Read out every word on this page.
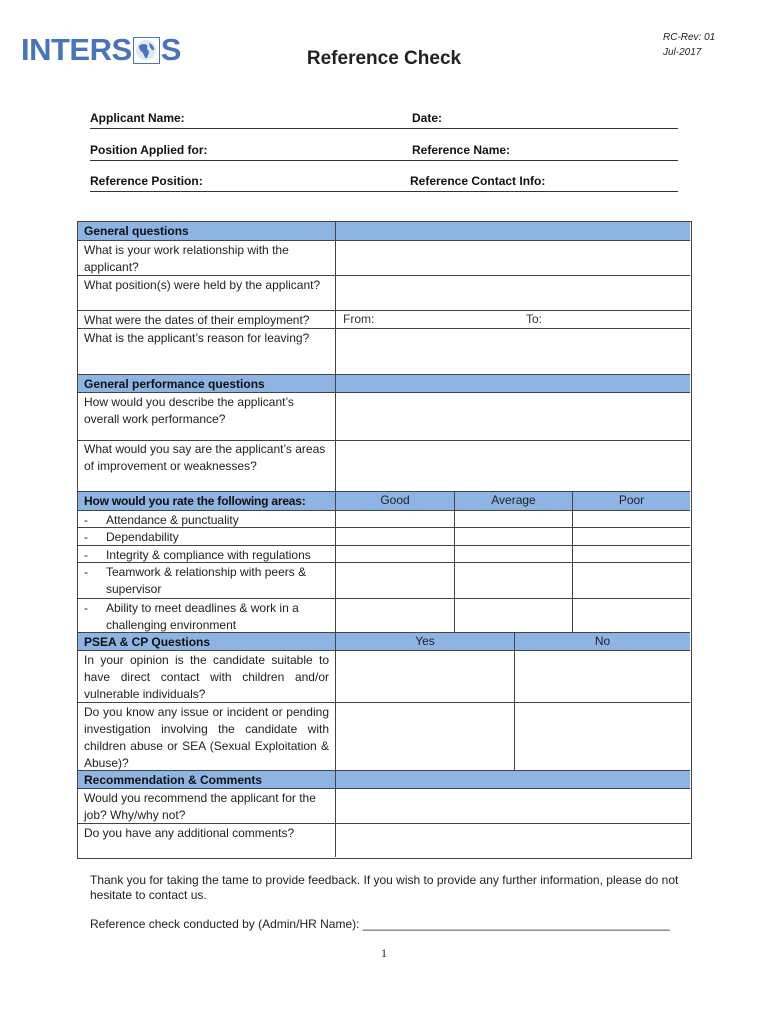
INTERS S	Reference Check
RC-Rev: 01
Jul-2017
Applicant Name:	Date:
Position Applied for:	Reference Name:
Reference Position:	Reference Contact Info:
General questions
What is your work relationship with the applicant?
What position(s) were held by the applicant?
What were the dates of their employment?	From:	To:
What is the applicant’s reason for leaving?
General performance questions
How would you describe the applicant’s overall work performance?
What would you say are the applicant’s areas of improvement or weaknesses?
How would you rate the following areas:	Good	Average	Poor
-	Attendance & punctuality
-	Dependability
-	Integrity & compliance with regulations
-	Teamwork & relationship with peers & supervisor
-	Ability to meet deadlines & work in a challenging environment
PSEA & CP Questions	Yes	No
In your opinion is the candidate suitable to have direct contact with children and/or vulnerable individuals?
Do you know any issue or incident or pending investigation involving the candidate with children abuse or SEA (Sexual Exploitation & Abuse)?
Recommendation & Comments
Would you recommend the applicant for the job? Why/why not?
Do you have any additional comments?
Thank you for taking the tame to provide feedback. If you wish to provide any further information, please do not hesitate to contact us.
Reference check conducted by (Admin/HR Name): ______________________________________________
1
